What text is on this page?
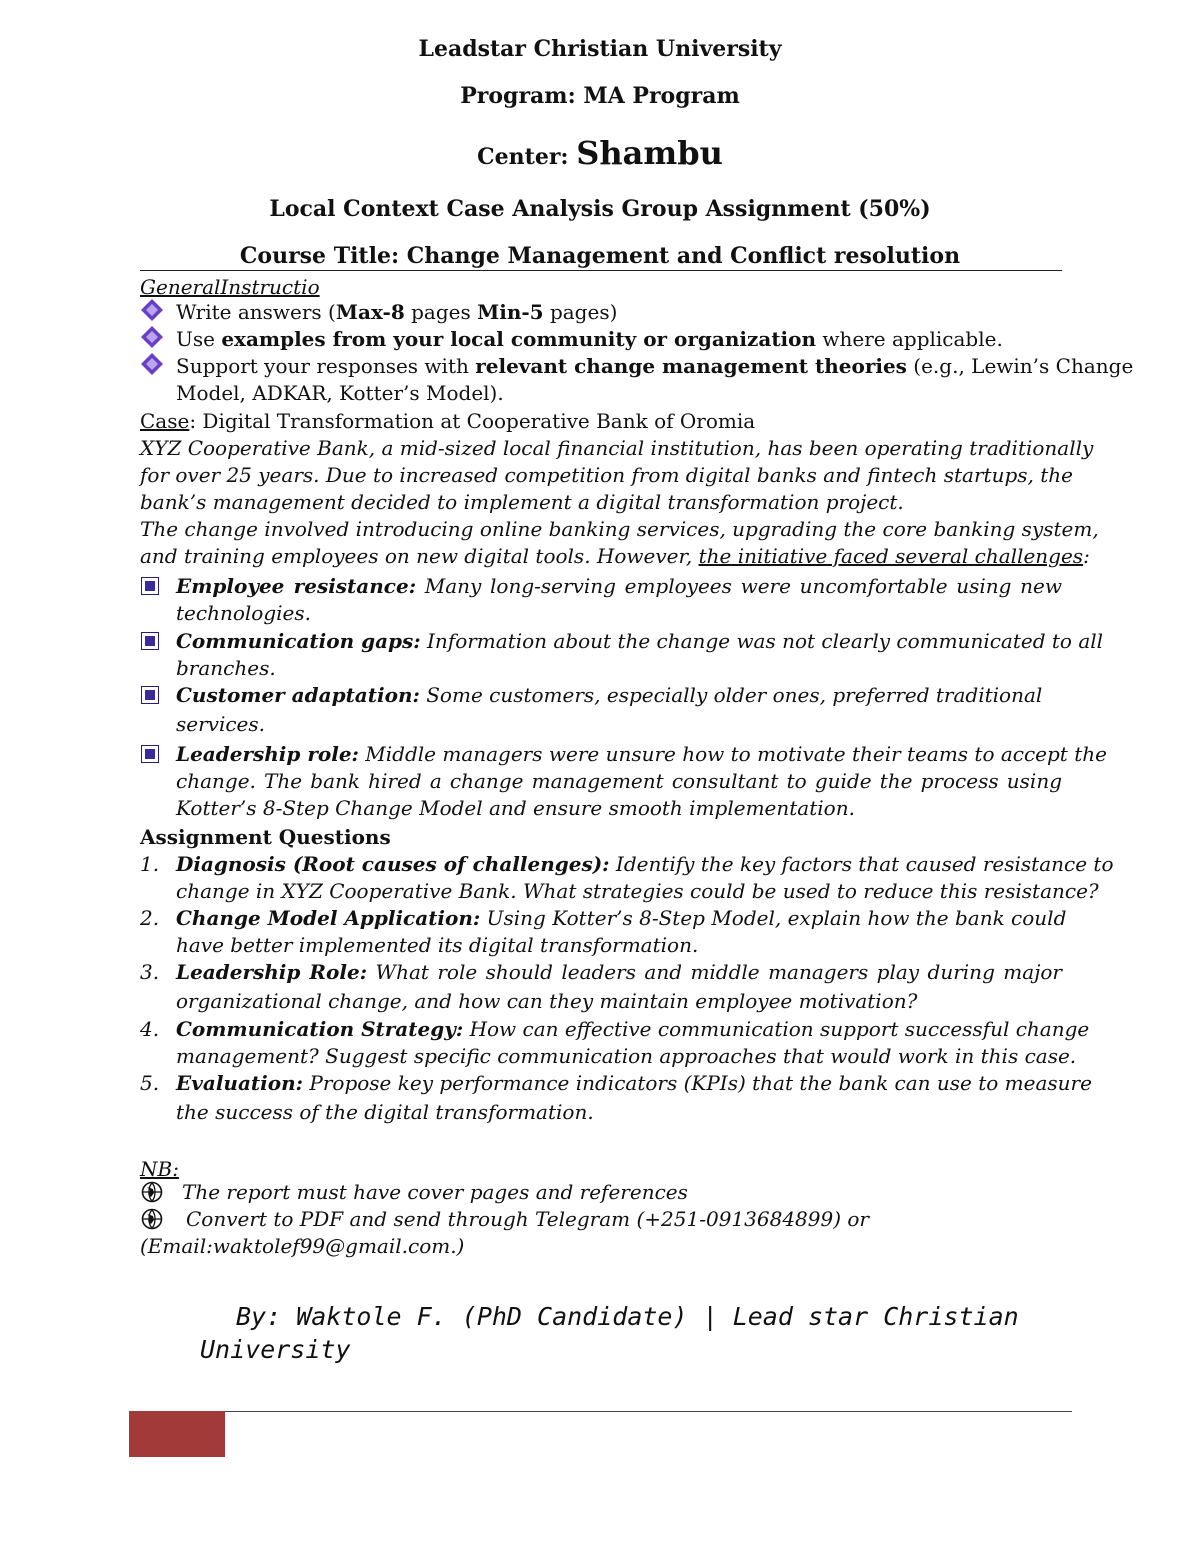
Leadstar Christian University
Program: MA Program
Center: Shambu
Local Context Case Analysis Group Assignment (50%)
Course Title: Change Management and Conflict resolution
GeneralInstructio
Write answers (Max-8 pages Min-5 pages)
Use examples from your local community or organization where applicable.
Support your responses with relevant change management theories (e.g., Lewin’s Change
Model, ADKAR, Kotter’s Model).
Case: Digital Transformation at Cooperative Bank of Oromia
XYZ Cooperative Bank, a mid-sized local financial institution, has been operating traditionally
for over 25 years. Due to increased competition from digital banks and fintech startups, the
bank’s management decided to implement a digital transformation project.
The change involved introducing online banking services, upgrading the core banking system,
and training employees on new digital tools. However, the initiative faced several challenges:
Employee resistance: Many long-serving employees were uncomfortable using new
technologies.
Communication gaps: Information about the change was not clearly communicated to all
branches.
Customer adaptation: Some customers, especially older ones, preferred traditional
services.
Leadership role: Middle managers were unsure how to motivate their teams to accept the
change. The bank hired a change management consultant to guide the process using
Kotter’s 8-Step Change Model and ensure smooth implementation.
Assignment Questions
1. Diagnosis (Root causes of challenges): Identify the key factors that caused resistance to
change in XYZ Cooperative Bank. What strategies could be used to reduce this resistance?
2. Change Model Application: Using Kotter’s 8-Step Model, explain how the bank could
have better implemented its digital transformation.
3. Leadership Role: What role should leaders and middle managers play during major
organizational change, and how can they maintain employee motivation?
4. Communication Strategy: How can effective communication support successful change
management? Suggest specific communication approaches that would work in this case.
5. Evaluation: Propose key performance indicators (KPIs) that the bank can use to measure
the success of the digital transformation.
NB:
The report must have cover pages and references
Convert to PDF and send through Telegram (+251-0913684899) or
(Email:waktolef99@gmail.com.)
By: Waktole F. (PhD Candidate) | Lead star Christian
University
